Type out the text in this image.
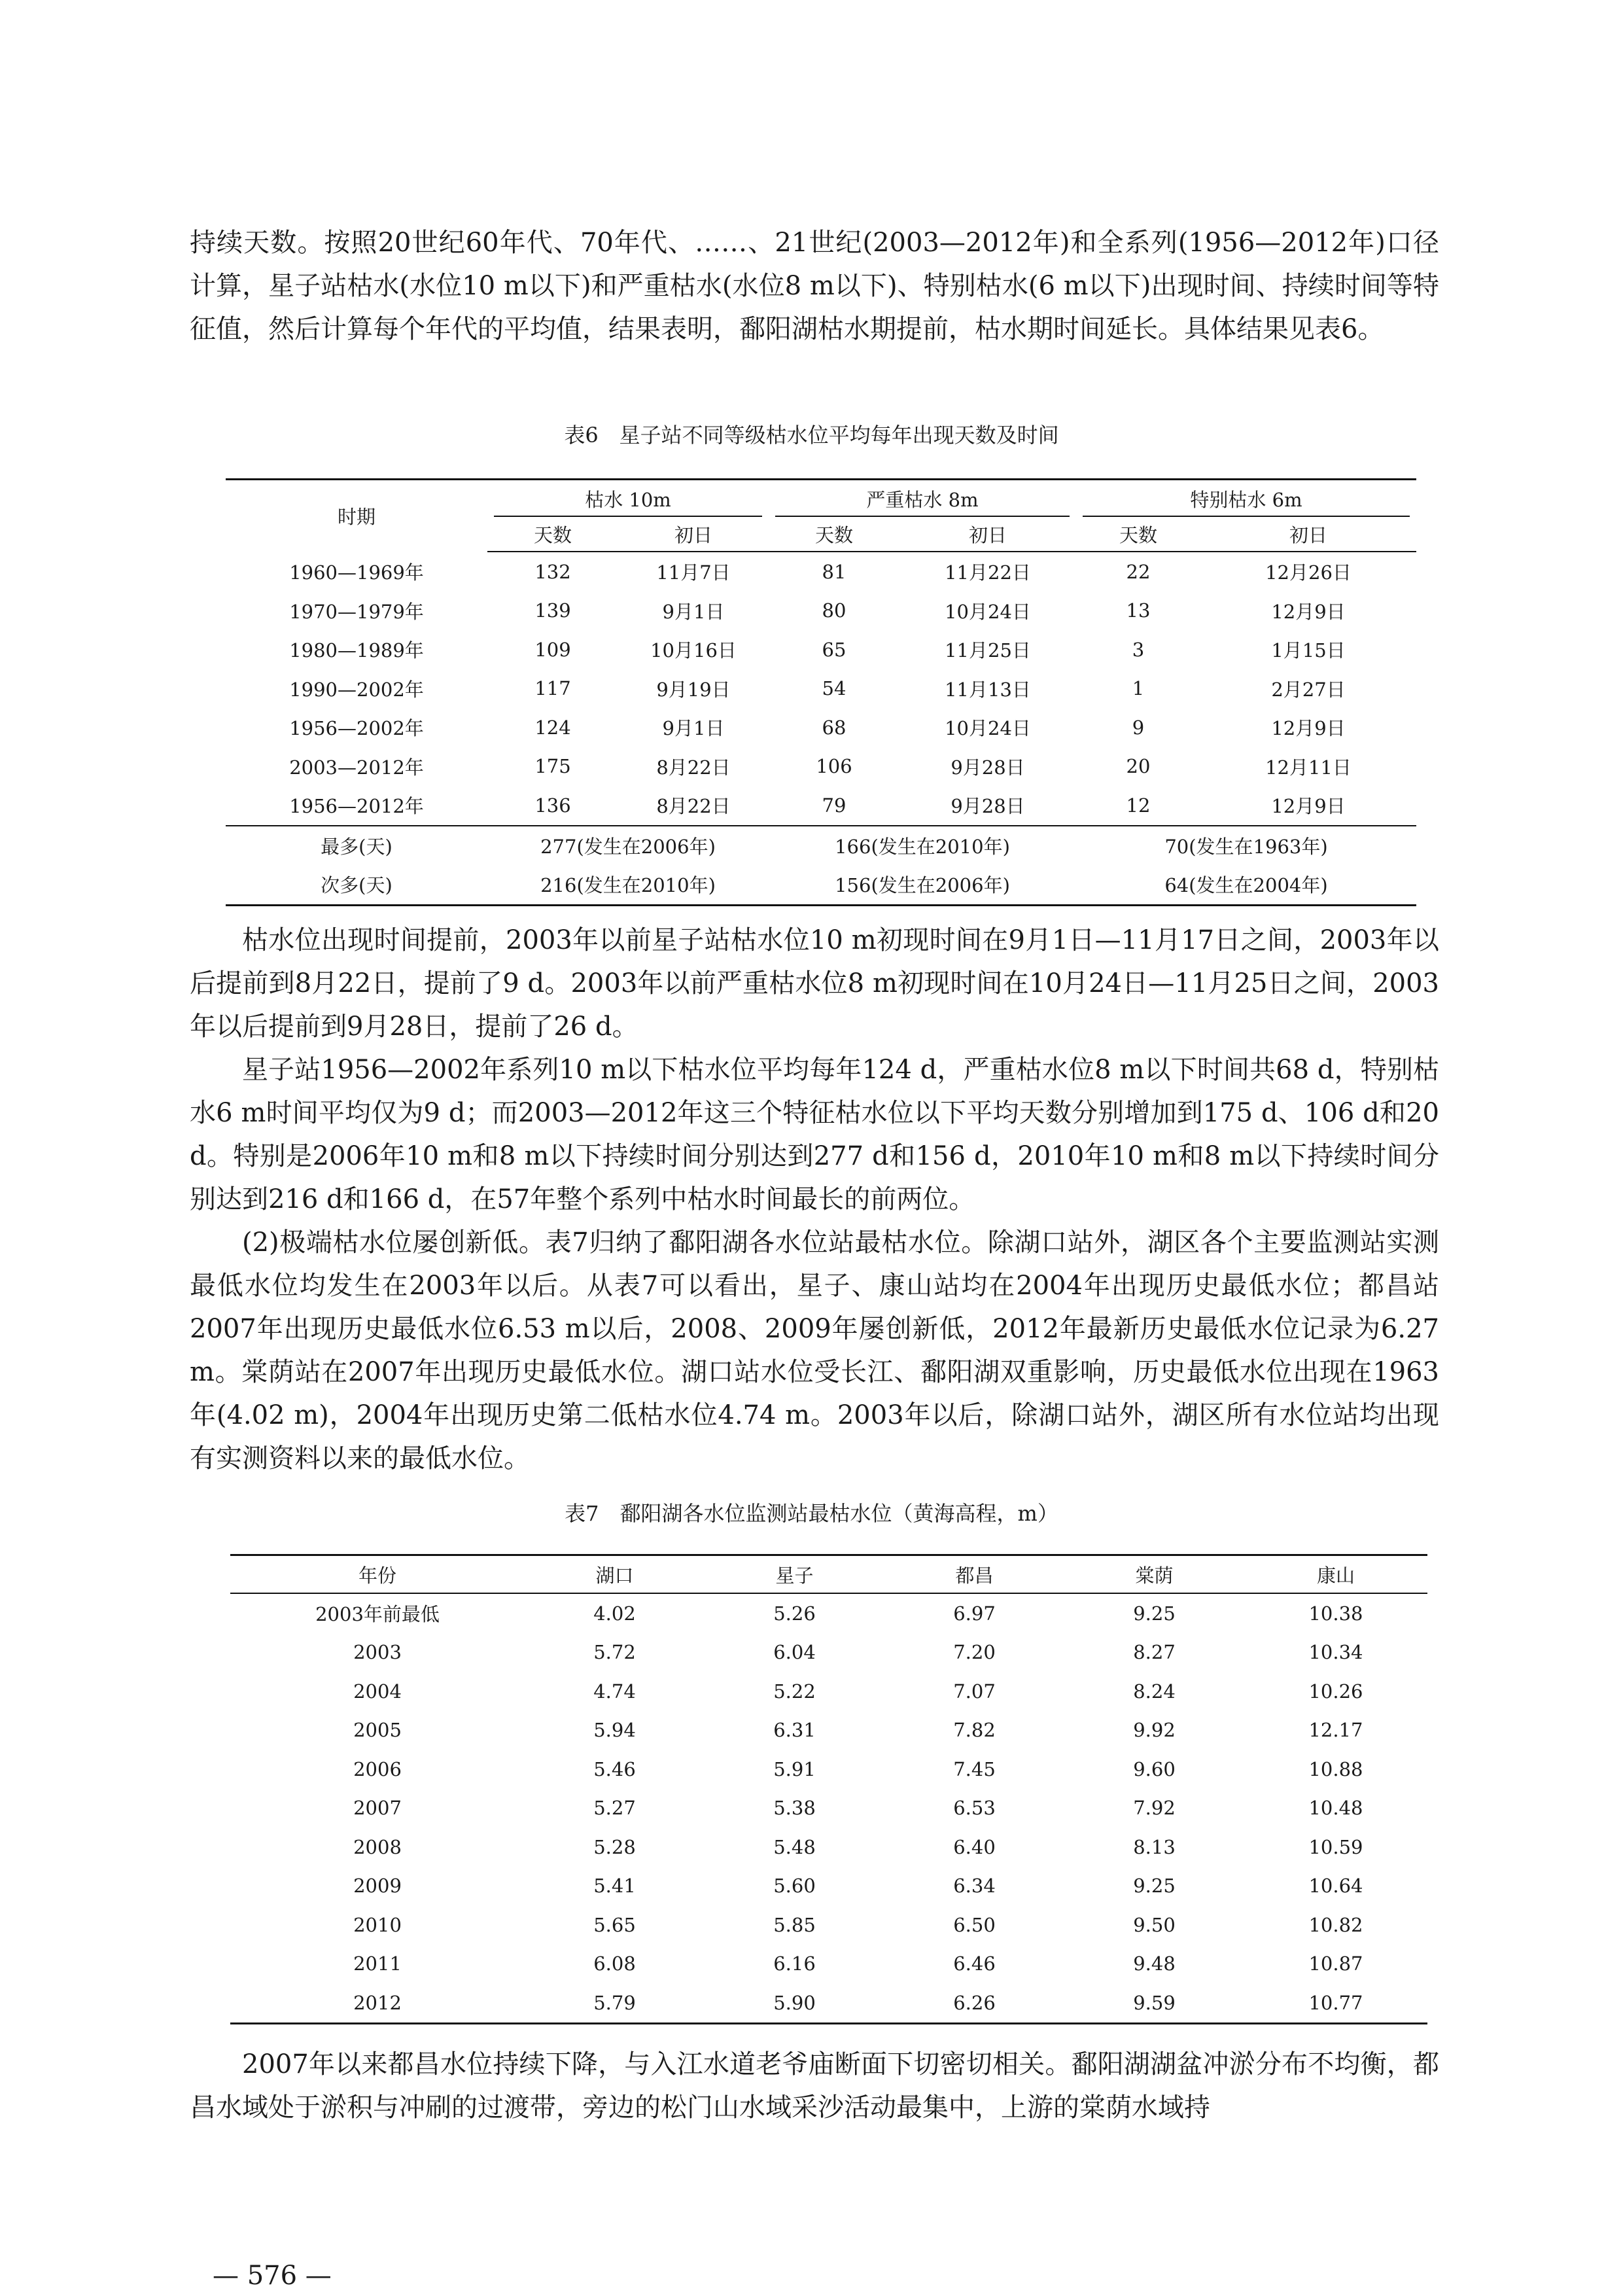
持续天数。按照20世纪60年代、70年代、……、21世纪(2003—2012年)和全系列(1956—2012年)口径计算，星子站枯水(水位10 m以下)和严重枯水(水位8 m以下)、特别枯水(6 m以下)出现时间、持续时间等特征值，然后计算每个年代的平均值，结果表明，鄱阳湖枯水期提前，枯水期时间延长。具体结果见表6。

表6　星子站不同等级枯水位平均每年出现天数及时间

时期	枯水 10m		严重枯水 8m		特别枯水 6m	
	天数	初日	天数	初日	天数	初日
1960—1969年	132	11月7日	81	11月22日	22	12月26日
1970—1979年	139	9月1日	80	10月24日	13	12月9日
1980—1989年	109	10月16日	65	11月25日	3	1月15日
1990—2002年	117	9月19日	54	11月13日	1	2月27日
1956—2002年	124	9月1日	68	10月24日	9	12月9日
2003—2012年	175	8月22日	106	9月28日	20	12月11日
1956—2012年	136	8月22日	79	9月28日	12	12月9日
最多(天)	277(发生在2006年)		166(发生在2010年)		70(发生在1963年)	
次多(天)	216(发生在2010年)		156(发生在2006年)		64(发生在2004年)	

枯水位出现时间提前，2003年以前星子站枯水位10 m初现时间在9月1日—11月17日之间，2003年以后提前到8月22日，提前了9 d。2003年以前严重枯水位8 m初现时间在10月24日—11月25日之间，2003年以后提前到9月28日，提前了26 d。

星子站1956—2002年系列10 m以下枯水位平均每年124 d，严重枯水位8 m以下时间共68 d，特别枯水6 m时间平均仅为9 d；而2003—2012年这三个特征枯水位以下平均天数分别增加到175 d、106 d和20 d。特别是2006年10 m和8 m以下持续时间分别达到277 d和156 d，2010年10 m和8 m以下持续时间分别达到216 d和166 d，在57年整个系列中枯水时间最长的前两位。

(2)极端枯水位屡创新低。表7归纳了鄱阳湖各水位站最枯水位。除湖口站外，湖区各个主要监测站实测最低水位均发生在2003年以后。从表7可以看出，星子、康山站均在2004年出现历史最低水位；都昌站2007年出现历史最低水位6.53 m以后，2008、2009年屡创新低，2012年最新历史最低水位记录为6.27 m。棠荫站在2007年出现历史最低水位。湖口站水位受长江、鄱阳湖双重影响，历史最低水位出现在1963年(4.02 m)，2004年出现历史第二低枯水位4.74 m。2003年以后，除湖口站外，湖区所有水位站均出现有实测资料以来的最低水位。

表7　鄱阳湖各水位监测站最枯水位（黄海高程，m）

年份	湖口	星子	都昌	棠荫	康山
2003年前最低	4.02	5.26	6.97	9.25	10.38
2003	5.72	6.04	7.20	8.27	10.34
2004	4.74	5.22	7.07	8.24	10.26
2005	5.94	6.31	7.82	9.92	12.17
2006	5.46	5.91	7.45	9.60	10.88
2007	5.27	5.38	6.53	7.92	10.48
2008	5.28	5.48	6.40	8.13	10.59
2009	5.41	5.60	6.34	9.25	10.64
2010	5.65	5.85	6.50	9.50	10.82
2011	6.08	6.16	6.46	9.48	10.87
2012	5.79	5.90	6.26	9.59	10.77

2007年以来都昌水位持续下降，与入江水道老爷庙断面下切密切相关。鄱阳湖湖盆冲淤分布不均衡，都昌水域处于淤积与冲刷的过渡带，旁边的松门山水域采沙活动最集中，上游的棠荫水域持

— 576 —
